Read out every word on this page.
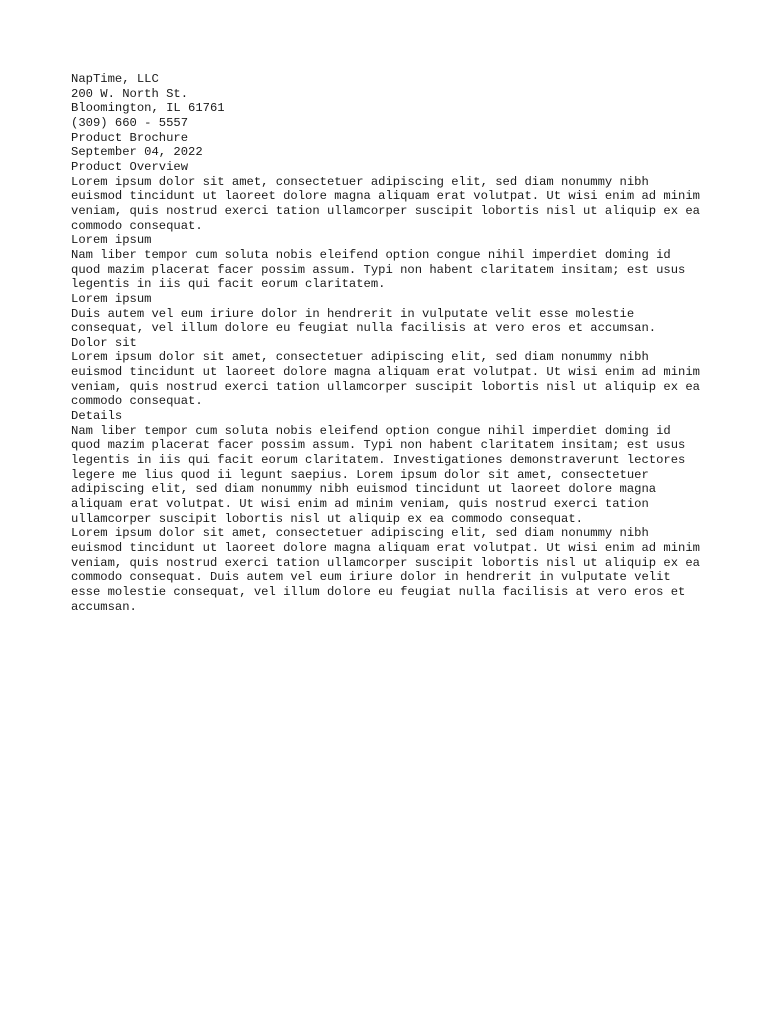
NapTime, LLC

200 W. North St.

Bloomington, IL 61761

(309) 660 - 5557

Product Brochure

September 04, 2022

Product Overview

Lorem ipsum dolor sit amet, consectetuer adipiscing elit, sed diam nonummy nibh euismod tincidunt ut laoreet dolore magna aliquam erat volutpat. Ut wisi enim ad minim veniam, quis nostrud exerci tation ullamcorper suscipit lobortis nisl ut aliquip ex ea commodo consequat.

Lorem ipsum

Nam liber tempor cum soluta nobis eleifend option congue nihil imperdiet doming id quod mazim placerat facer possim assum. Typi non habent claritatem insitam; est usus legentis in iis qui facit eorum claritatem.

Lorem ipsum

Duis autem vel eum iriure dolor in hendrerit in vulputate velit esse molestie consequat, vel illum dolore eu feugiat nulla facilisis at vero eros et accumsan.

Dolor sit

Lorem ipsum dolor sit amet, consectetuer adipiscing elit, sed diam nonummy nibh euismod tincidunt ut laoreet dolore magna aliquam erat volutpat. Ut wisi enim ad minim veniam, quis nostrud exerci tation ullamcorper suscipit lobortis nisl ut aliquip ex ea commodo consequat.

Details

Nam liber tempor cum soluta nobis eleifend option congue nihil imperdiet doming id quod mazim placerat facer possim assum. Typi non habent claritatem insitam; est usus legentis in iis qui facit eorum claritatem. Investigationes demonstraverunt lectores legere me lius quod ii legunt saepius. Lorem ipsum dolor sit amet, consectetuer adipiscing elit, sed diam nonummy nibh euismod tincidunt ut laoreet dolore magna aliquam erat volutpat. Ut wisi enim ad minim veniam, quis nostrud exerci tation ullamcorper suscipit lobortis nisl ut aliquip ex ea commodo consequat.

Lorem ipsum dolor sit amet, consectetuer adipiscing elit, sed diam nonummy nibh euismod tincidunt ut laoreet dolore magna aliquam erat volutpat. Ut wisi enim ad minim veniam, quis nostrud exerci tation ullamcorper suscipit lobortis nisl ut aliquip ex ea commodo consequat. Duis autem vel eum iriure dolor in hendrerit in vulputate velit esse molestie consequat, vel illum dolore eu feugiat nulla facilisis at vero eros et accumsan.
